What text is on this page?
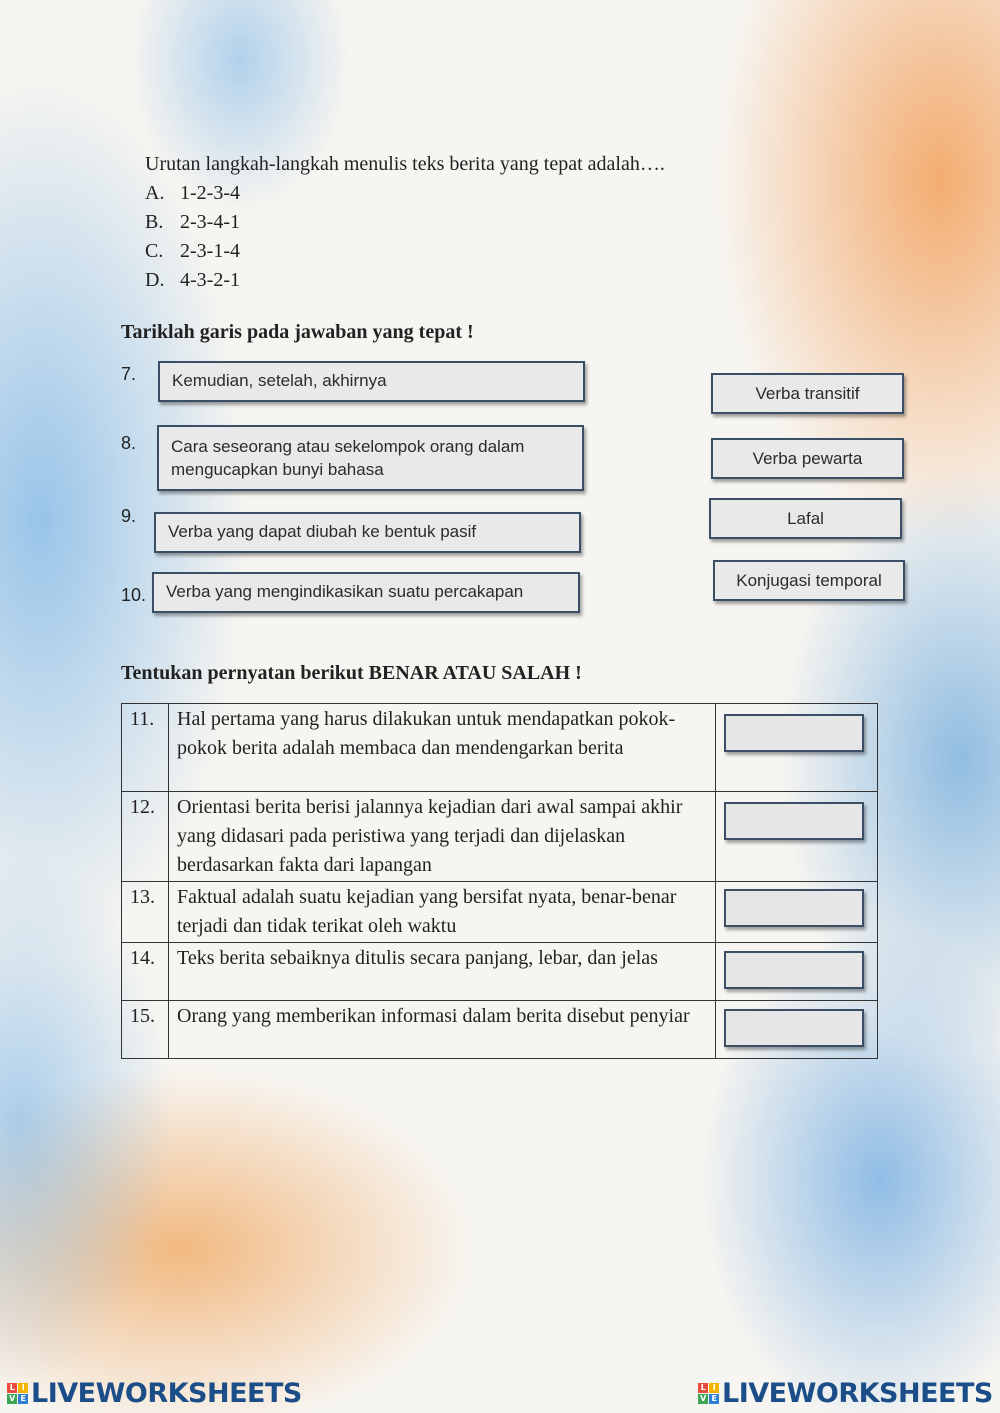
Urutan langkah-langkah menulis teks berita yang tepat adalah….
A. 1-2-3-4
B. 2-3-4-1
C. 2-3-1-4
D. 4-3-2-1
Tariklah garis pada jawaban yang tepat !
7.	Kemudian, setelah, akhirnya
8.	Cara seseorang atau sekelompok orang dalam mengucapkan bunyi bahasa
9.
Verba yang dapat diubah ke bentuk pasif
10.	Verba yang mengindikasikan suatu percakapan
Verba transitif
Verba pewarta
Lafal
Konjugasi temporal
Tentukan pernyatan berikut BENAR ATAU SALAH !
11.	Hal pertama yang harus dilakukan untuk mendapatkan pokok-pokok berita adalah membaca dan mendengarkan berita	

12.	Orientasi berita berisi jalannya kejadian dari awal sampai akhir yang didasari pada peristiwa yang terjadi dan dijelaskan berdasarkan fakta dari lapangan	

13.	Faktual adalah suatu kejadian yang bersifat nyata, benar-benar terjadi dan tidak terikat oleh waktu	

14.	Teks berita sebaiknya ditulis secara panjang, lebar, dan jelas	

15.	Orang yang memberikan informasi dalam berita disebut penyiar	
L I
V E LIVEWORKSHEETS	L I
V E LIVEWORKSHEETS
